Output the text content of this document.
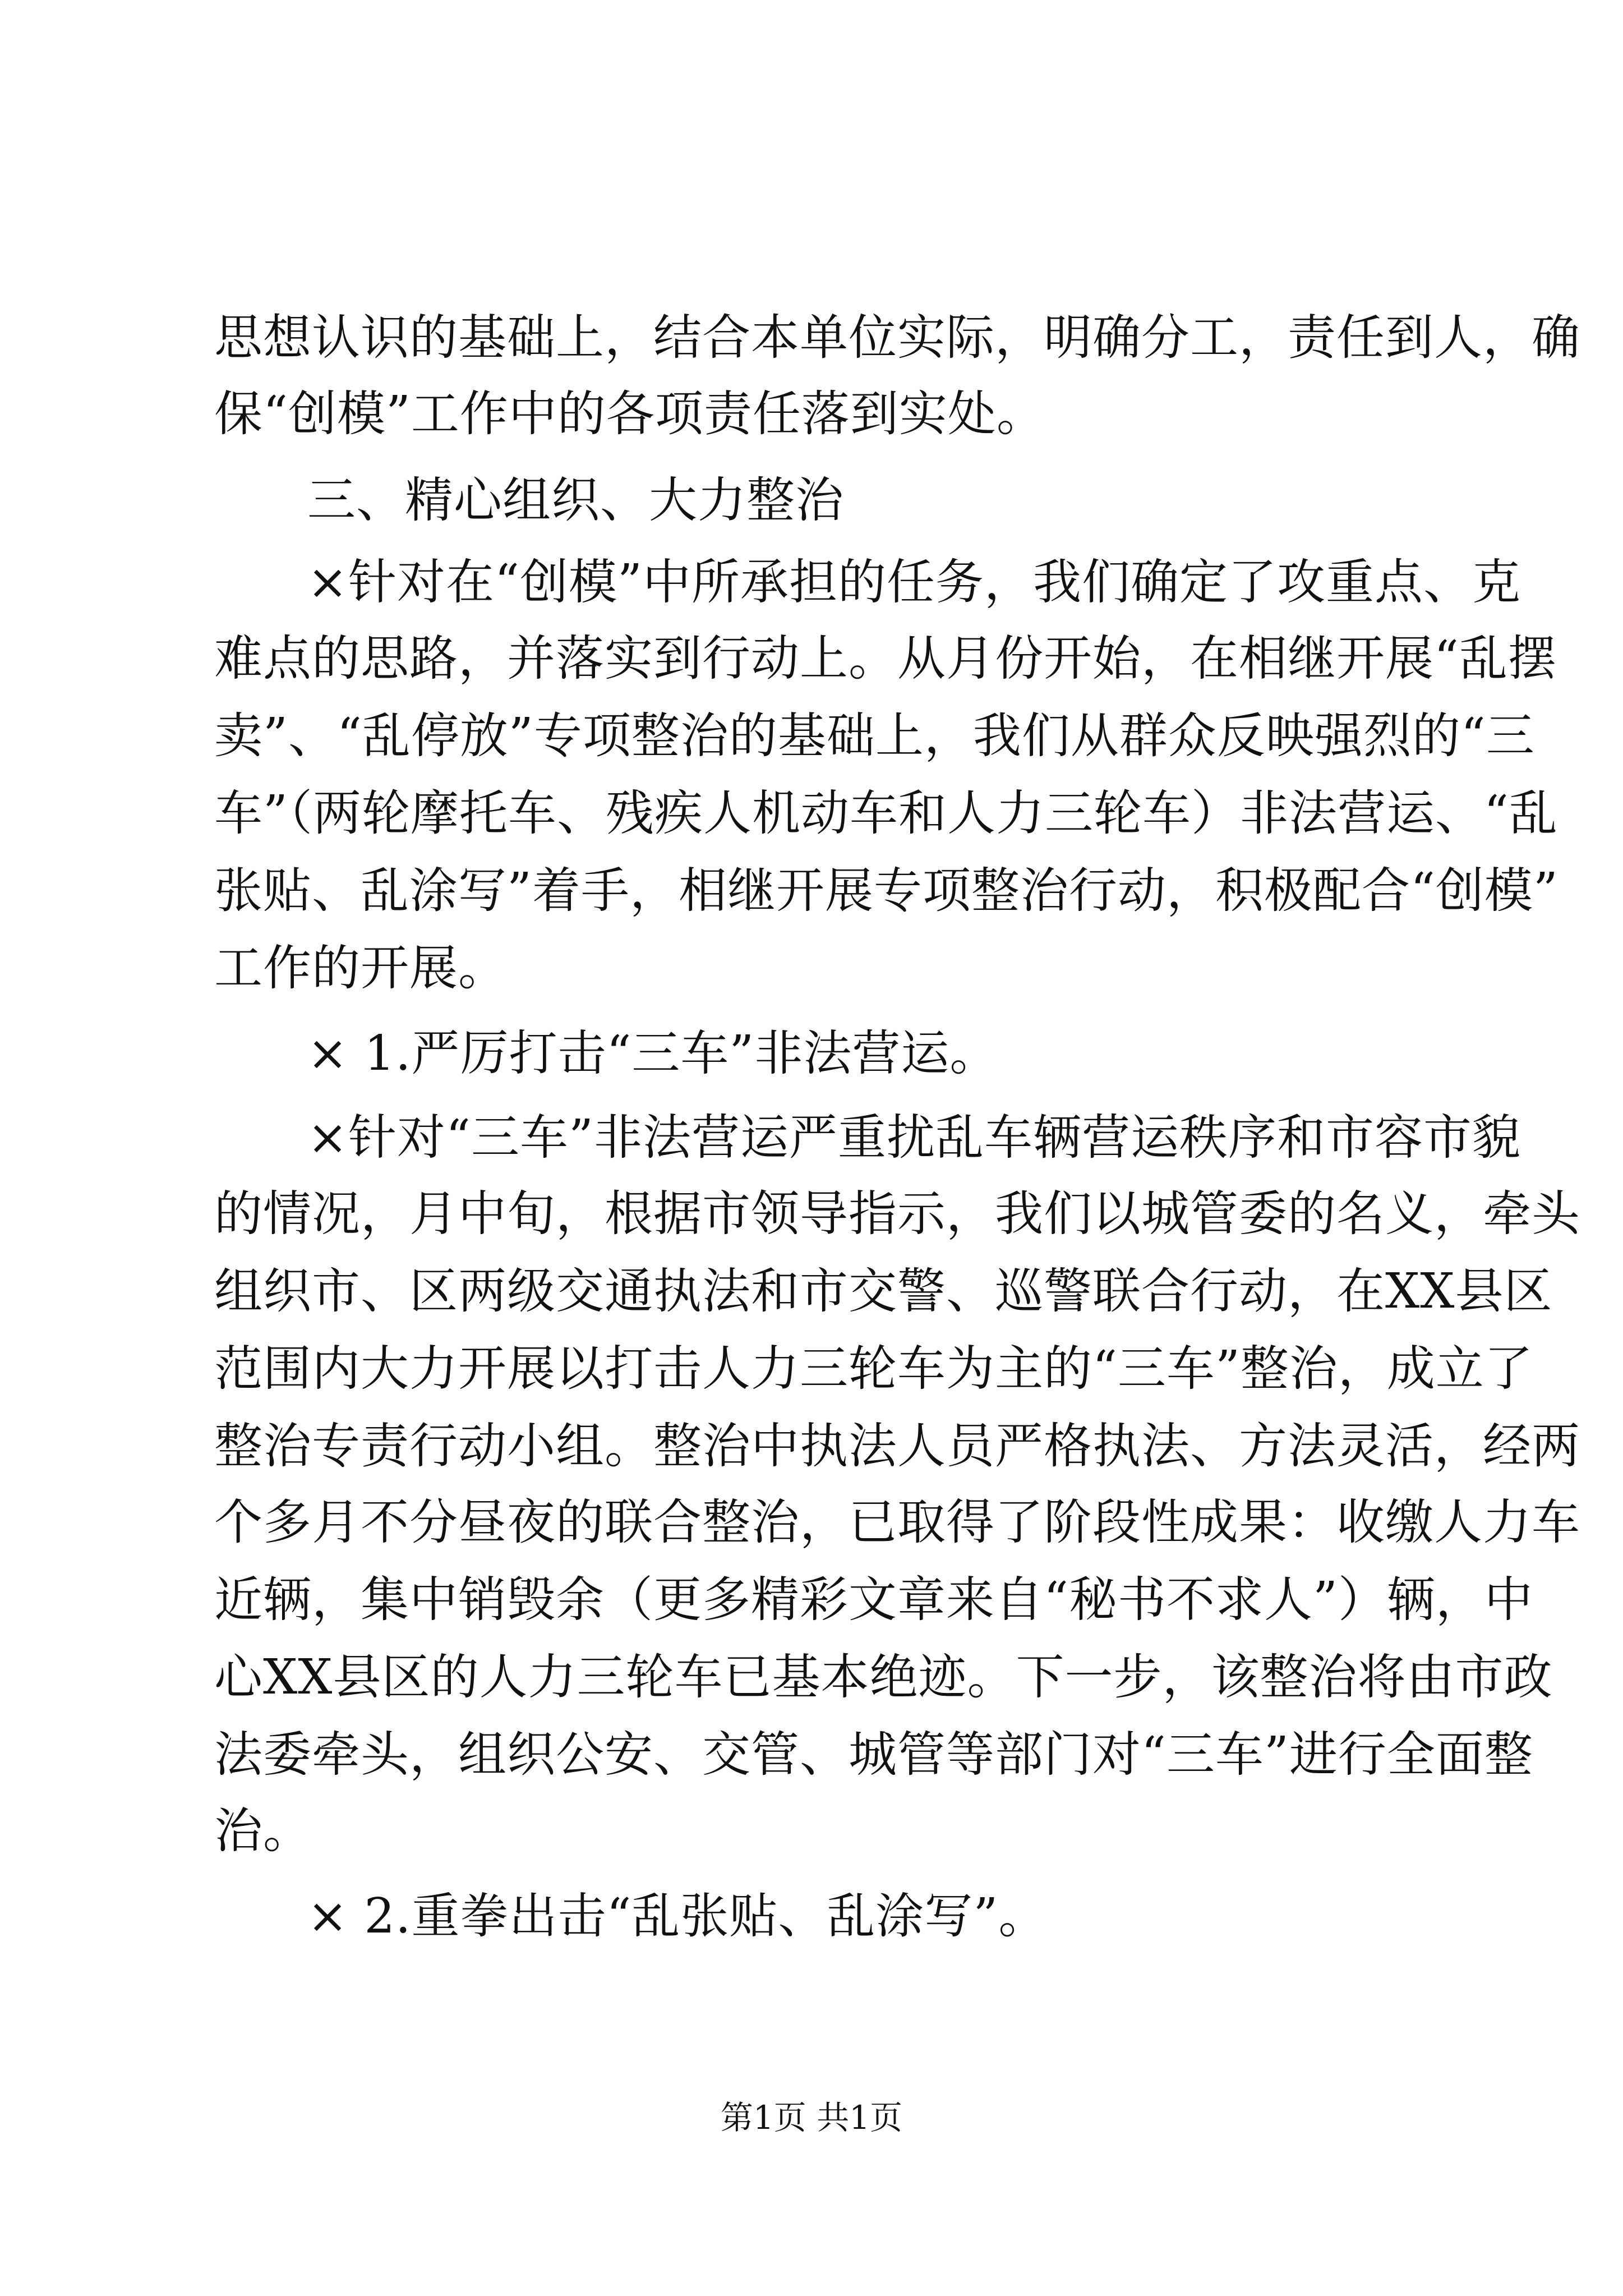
思想认识的基础上，结合本单位实际，明确分工，责任到人，确
保“创模”工作中的各项责任落到实处。
三、精心组织、大力整治
×针对在“创模”中所承担的任务，我们确定了攻重点、克
难点的思路，并落实到行动上。从月份开始，在相继开展“乱摆
卖”、“乱停放”专项整治的基础上，我们从群众反映强烈的“三
车”（两轮摩托车、残疾人机动车和人力三轮车）非法营运、“乱
张贴、乱涂写”着手，相继开展专项整治行动，积极配合“创模”
工作的开展。
× 1.严厉打击“三车”非法营运。
×针对“三车”非法营运严重扰乱车辆营运秩序和市容市貌
的情况，月中旬，根据市领导指示，我们以城管委的名义，牵头
组织市、区两级交通执法和市交警、巡警联合行动，在XX县区
范围内大力开展以打击人力三轮车为主的“三车”整治，成立了
整治专责行动小组。整治中执法人员严格执法、方法灵活，经两
个多月不分昼夜的联合整治，已取得了阶段性成果：收缴人力车
近辆，集中销毁余（更多精彩文章来自“秘书不求人”）辆，中
心XX县区的人力三轮车已基本绝迹。下一步，该整治将由市政
法委牵头，组织公安、交管、城管等部门对“三车”进行全面整
治。
× 2.重拳出击“乱张贴、乱涂写”。
第1页 共1页
